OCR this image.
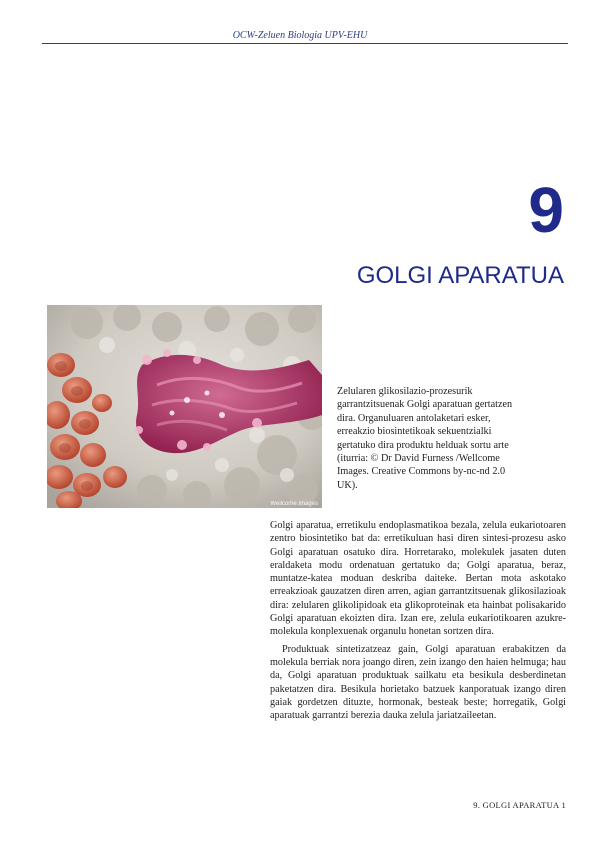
OCW-Zeluen Biologia UPV-EHU
9
GOLGI APARATUA
Wellcome Images
Zelularen glikosilazio-prozesurik garrantzitsuenak Golgi aparatuan gertatzen dira. Organuluaren antolaketari esker, erreakzio biosintetikoak sekuentzialki gertatuko dira produktu helduak sortu arte (iturria: © Dr David Furness /Wellcome Images. Creative Commons by-nc-nd 2.0 UK).

Golgi aparatua, erretikulu endoplasmatikoa bezala, zelula eukariotoaren zentro biosintetiko bat da: erretikuluan hasi diren sintesi-prozesu asko Golgi aparatuan osatuko dira. Horretarako, molekulek jasaten duten eraldaketa modu ordenatuan gertatuko da; Golgi aparatua, beraz, muntatze-katea moduan deskriba daiteke. Bertan mota askotako erreakzioak gauzatzen diren arren, agian garrantzitsuenak glikosilazioak dira: zelularen glikolipidoak eta glikoproteinak eta hainbat polisakarido Golgi aparatuan ekoizten dira. Izan ere, zelula eukariotikoaren azukre-molekula konplexuenak organulu honetan sortzen dira.

Produktuak sintetizatzeaz gain, Golgi aparatuan erabakitzen da molekula berriak nora joango diren, zein izango den haien helmuga; hau da, Golgi aparatuan produktuak sailkatu eta besikula desberdinetan paketatzen dira. Besikula horietako batzuek kanporatuak izango diren gaiak gordetzen dituzte, hormonak, besteak beste; horregatik, Golgi aparatuak garrantzi berezia dauka zelula jariatzaileetan.

9. GOLGI APARATUA 1
